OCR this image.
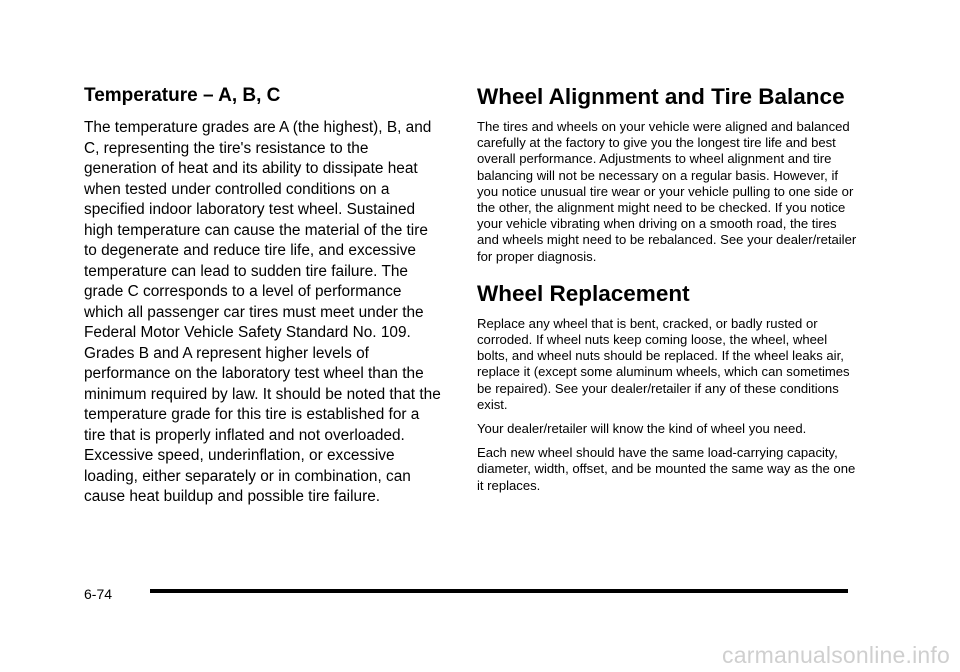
Temperature – A, B, C

The temperature grades are A (the highest), B, and C, representing the tire's resistance to the generation of heat and its ability to dissipate heat when tested under controlled conditions on a specified indoor laboratory test wheel. Sustained high temperature can cause the material of the tire to degenerate and reduce tire life, and excessive temperature can lead to sudden tire failure. The grade C corresponds to a level of performance which all passenger car tires must meet under the Federal Motor Vehicle Safety Standard No. 109. Grades B and A represent higher levels of performance on the laboratory test wheel than the minimum required by law. It should be noted that the temperature grade for this tire is established for a tire that is properly inflated and not overloaded. Excessive speed, underinflation, or excessive loading, either separately or in combination, can cause heat buildup and possible tire failure.

Wheel Alignment and Tire Balance

The tires and wheels on your vehicle were aligned and balanced carefully at the factory to give you the longest tire life and best overall performance. Adjustments to wheel alignment and tire balancing will not be necessary on a regular basis. However, if you notice unusual tire wear or your vehicle pulling to one side or the other, the alignment might need to be checked. If you notice your vehicle vibrating when driving on a smooth road, the tires and wheels might need to be rebalanced. See your dealer/retailer for proper diagnosis.

Wheel Replacement

Replace any wheel that is bent, cracked, or badly rusted or corroded. If wheel nuts keep coming loose, the wheel, wheel bolts, and wheel nuts should be replaced. If the wheel leaks air, replace it (except some aluminum wheels, which can sometimes be repaired). See your dealer/retailer if any of these conditions exist.

Your dealer/retailer will know the kind of wheel you need.

Each new wheel should have the same load-carrying capacity, diameter, width, offset, and be mounted the same way as the one it replaces.

6-74
carmanualsonline.info
